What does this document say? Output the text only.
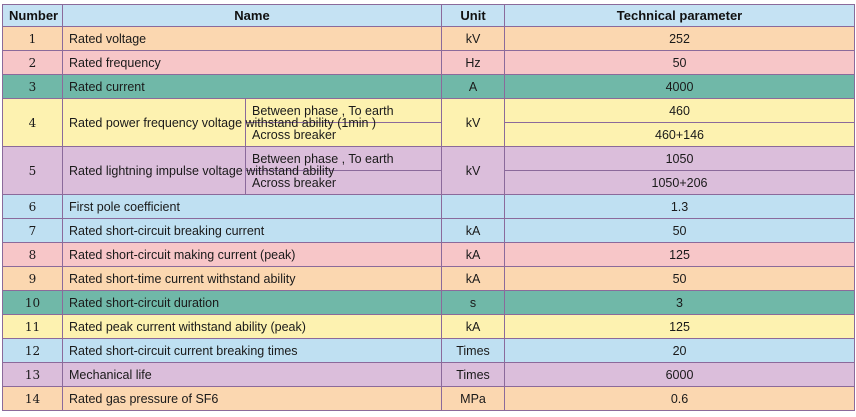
Number	Name		Unit	Technical parameter
1	Rated voltage		kV	252
2	Rated frequency		Hz	50
3	Rated current		A	4000
4	Rated power frequency voltage withstand ability (1min )	Between phase , To earth	kV	460
		Across breaker		460+146
5	Rated lightning impulse voltage withstand ability	Between phase , To earth	kV	1050
		Across breaker		1050+206
6	First pole coefficient			1.3
7	Rated short-circuit breaking current		kA	50
8	Rated short-circuit making current (peak)		kA	125
9	Rated short-time current withstand ability		kA	50
10	Rated short-circuit duration		s	3
11	Rated peak current withstand ability (peak)		kA	125
12	Rated short-circuit current breaking times		Times	20
13	Mechanical life		Times	6000
14	Rated gas pressure of SF6		MPa	0.6
